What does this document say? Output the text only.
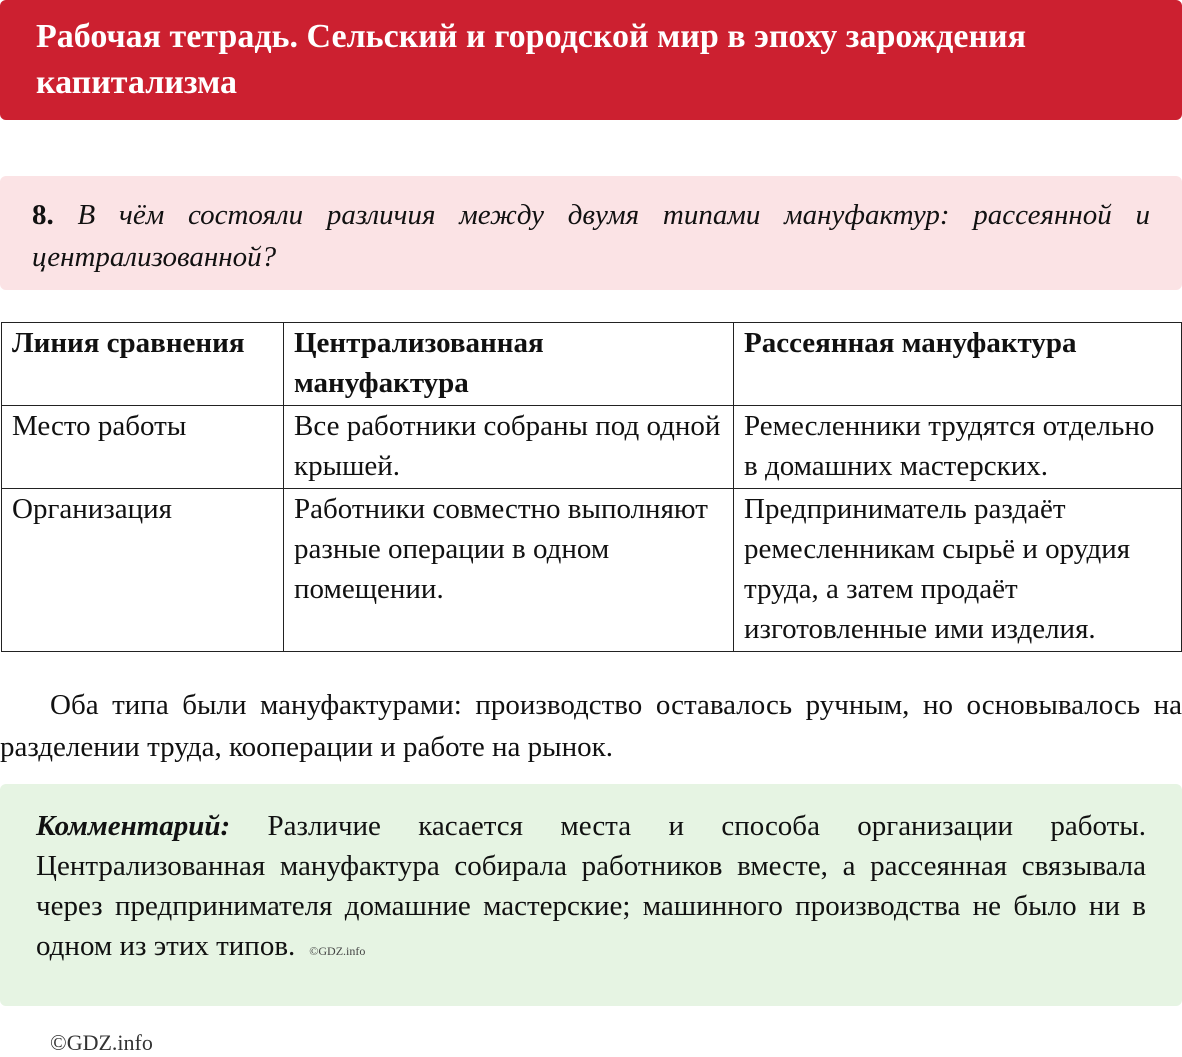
Рабочая тетрадь. Сельский и городской мир в эпоху зарождения капитализма

8. В чём состояли различия между двумя типами мануфактур: рассеянной и централизованной?

Линия сравнения	Централизованная мануфактура	Рассеянная мануфактура
Место работы	Все работники собраны под одной крышей.	Ремесленники трудятся отдельно в домашних мастерских.
Организация	Работники совместно выполняют разные операции в одном помещении.	Предприниматель раздаёт ремесленникам сырьё и орудия труда, а затем продаёт изготовленные ими изделия.

Оба типа были мануфактурами: производство оставалось ручным, но основывалось на разделении труда, кооперации и работе на рынок.

Комментарий: Различие касается места и способа организации работы. Централизованная мануфактура собирала работников вместе, а рассеянная связывала через предпринимателя домашние мастерские; машинного производства не было ни в одном из этих типов. ©GDZ.info

©GDZ.info
